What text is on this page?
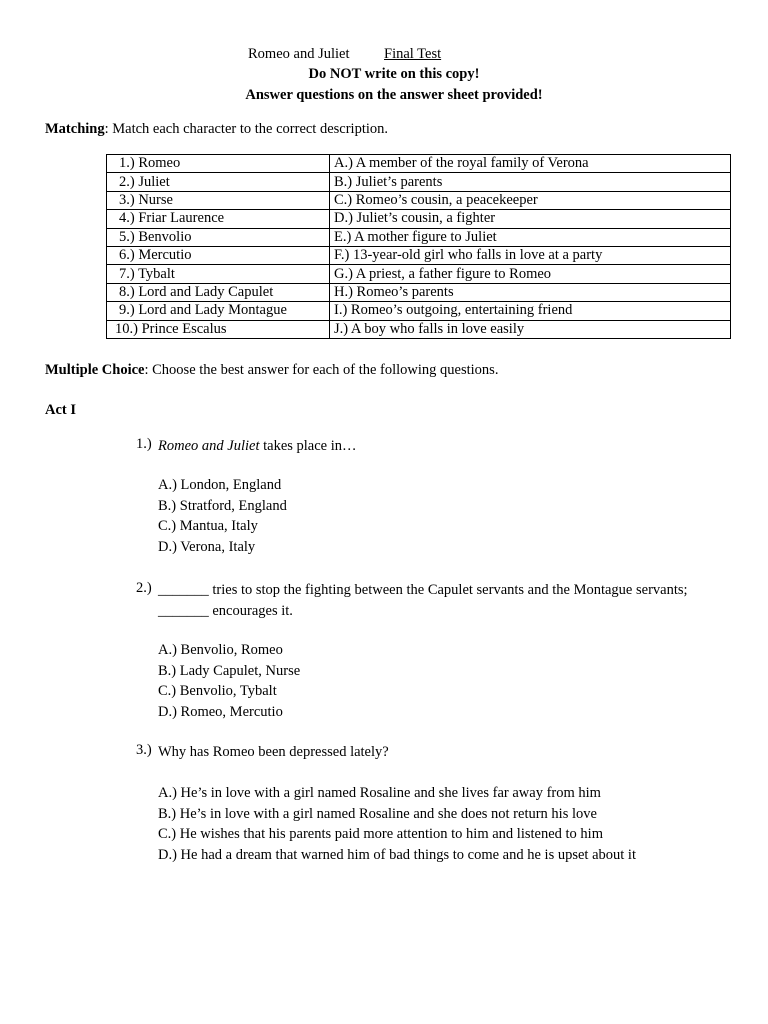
Romeo and Juliet Final Test
Do NOT write on this copy!
Answer questions on the answer sheet provided!
Matching: Match each character to the correct description.
1.) Romeo	A.) A member of the royal family of Verona
2.) Juliet	B.) Juliet’s parents
3.) Nurse	C.) Romeo’s cousin, a peacekeeper
4.) Friar Laurence	D.) Juliet’s cousin, a fighter
5.) Benvolio	E.) A mother figure to Juliet
6.) Mercutio	F.) 13-year-old girl who falls in love at a party
7.) Tybalt	G.) A priest, a father figure to Romeo
8.) Lord and Lady Capulet	H.) Romeo’s parents
9.) Lord and Lady Montague	I.) Romeo’s outgoing, entertaining friend
10.) Prince Escalus	J.) A boy who falls in love easily
Multiple Choice: Choose the best answer for each of the following questions.
Act I
1.) Romeo and Juliet takes place in…
A.) London, England
B.) Stratford, England
C.) Mantua, Italy
D.) Verona, Italy
2.) _______ tries to stop the fighting between the Capulet servants and the Montague servants; _______ encourages it.
A.) Benvolio, Romeo
B.) Lady Capulet, Nurse
C.) Benvolio, Tybalt
D.) Romeo, Mercutio
3.) Why has Romeo been depressed lately?
A.) He’s in love with a girl named Rosaline and she lives far away from him
B.) He’s in love with a girl named Rosaline and she does not return his love
C.) He wishes that his parents paid more attention to him and listened to him
D.) He had a dream that warned him of bad things to come and he is upset about it
